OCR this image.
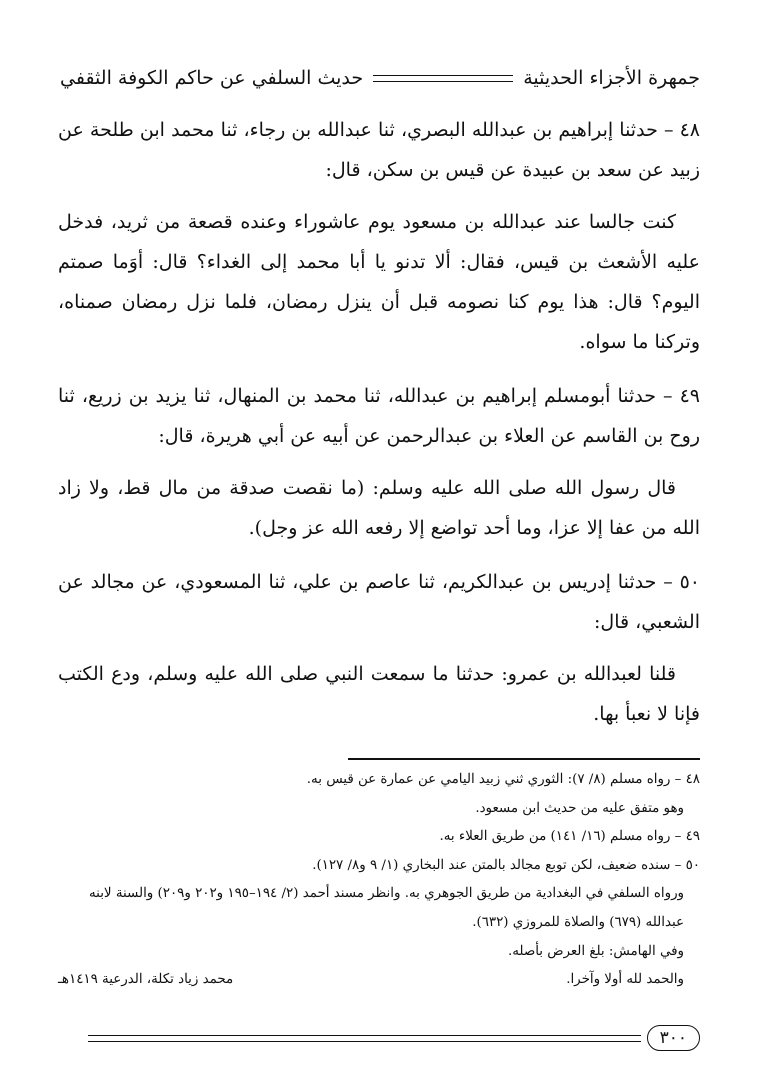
جمهرة الأجزاء الحديثية
حديث السلفي عن حاكم الكوفة الثقفي

٤٨ – حدثنا إبراهيم بن عبدالله البصري، ثنا عبدالله بن رجاء، ثنا محمد ابن طلحة عن زبيد عن سعد بن عبيدة عن قيس بن سكن، قال:

كنت جالسا عند عبدالله بن مسعود يوم عاشوراء وعنده قصعة من ثريد، فدخل عليه الأشعث بن قيس، فقال: ألا تدنو يا أبا محمد إلى الغداء؟ قال: أوَما صمتم اليوم؟ قال: هذا يوم كنا نصومه قبل أن ينزل رمضان، فلما نزل رمضان صمناه، وتركنا ما سواه.

٤٩ – حدثنا أبومسلم إبراهيم بن عبدالله، ثنا محمد بن المنهال، ثنا يزيد بن زريع، ثنا روح بن القاسم عن العلاء بن عبدالرحمن عن أبيه عن أبي هريرة، قال:

قال رسول الله صلى الله عليه وسلم: (ما نقصت صدقة من مال قط، ولا زاد الله من عفا إلا عزا، وما أحد تواضع إلا رفعه الله عز وجل).

٥٠ – حدثنا إدريس بن عبدالكريم، ثنا عاصم بن علي، ثنا المسعودي، عن مجالد عن الشعبي، قال:

قلنا لعبدالله بن عمرو: حدثنا ما سمعت النبي صلى الله عليه وسلم، ودع الكتب فإنا لا نعبأ بها.

٤٨ – رواه مسلم (٨/ ٧): الثوري ثني زبيد اليامي عن عمارة عن قيس به.

وهو متفق عليه من حديث ابن مسعود.

٤٩ – رواه مسلم (١٦/ ١٤١) من طريق العلاء به.

٥٠ – سنده ضعيف، لكن توبع مجالد بالمتن عند البخاري (١/ ٩ و٨/ ١٢٧).

ورواه السلفي في البغدادية من طريق الجوهري به. وانظر مسند أحمد (٢/ ١٩٤–١٩٥ و٢٠٢ و٢٠٩) والسنة لابنه عبدالله (٦٧٩) والصلاة للمروزي (٦٣٢).

وفي الهامش: بلغ العرض بأصله.

والحمد لله أولا وآخرا.
محمد زياد تكلة، الدرعية ١٤١٩هـ
٣٠٠
